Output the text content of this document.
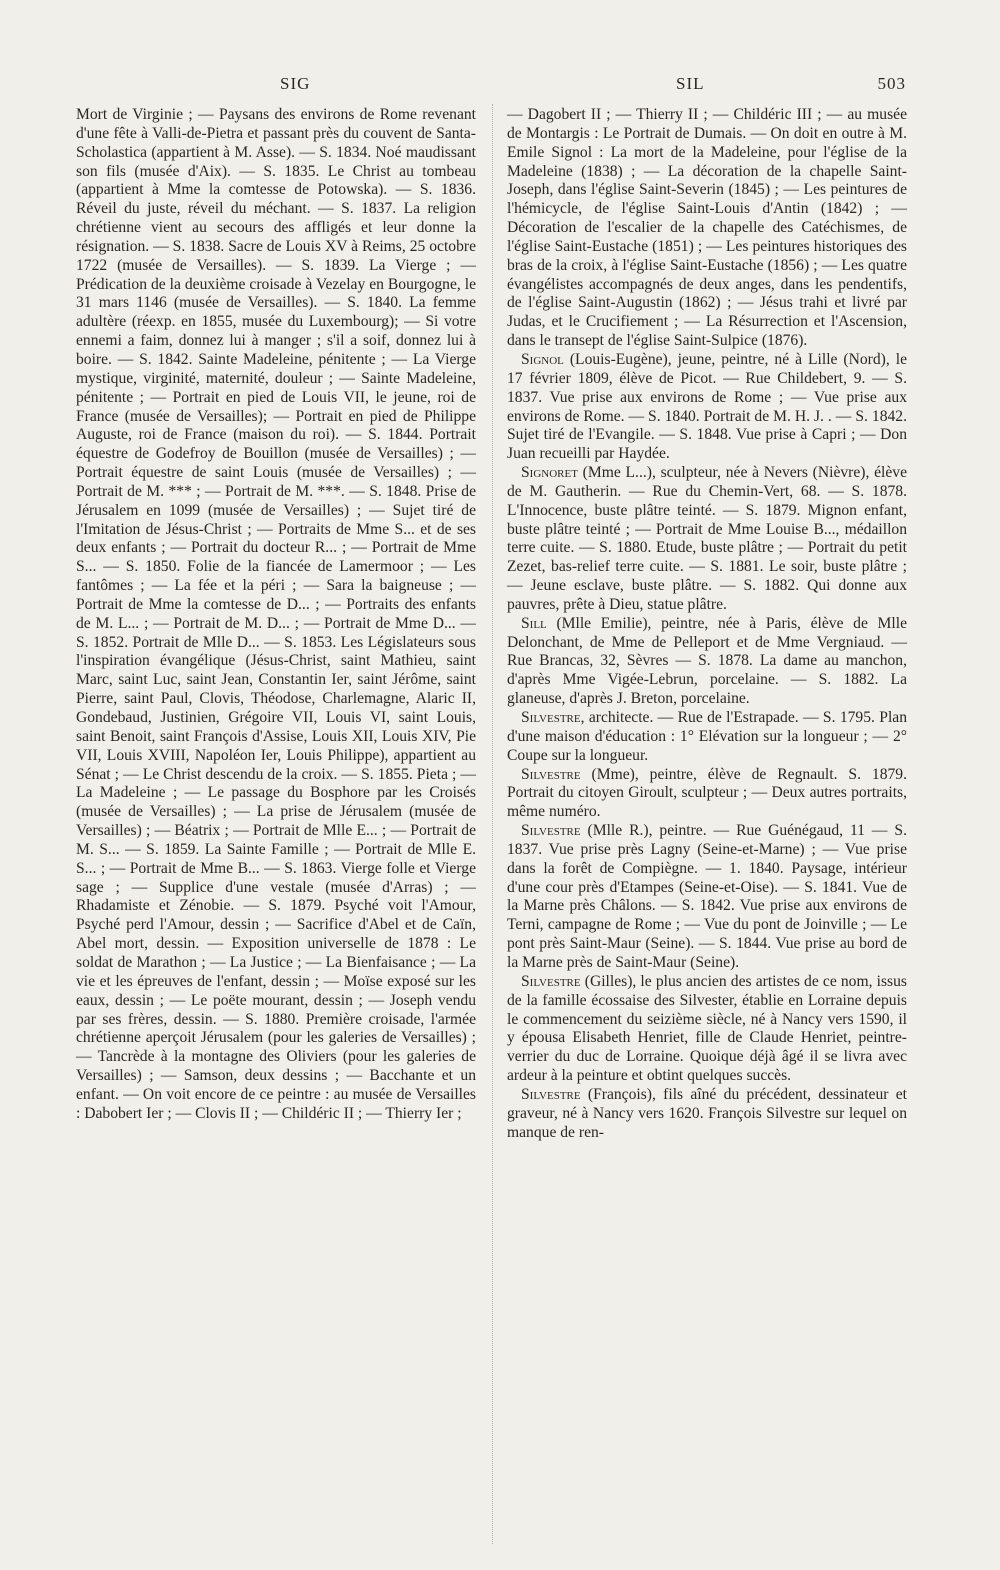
SIG	SIL	503

Mort de Virginie ; — Paysans des environs de Rome revenant d'une fête à Valli-de-Pietra et passant près du couvent de Santa-Scholastica (appartient à M. Asse). — S. 1834. Noé maudissant son fils (musée d'Aix). — S. 1835. Le Christ au tombeau (appartient à Mme la comtesse de Potowska). — S. 1836. Réveil du juste, réveil du méchant. — S. 1837. La religion chrétienne vient au secours des affligés et leur donne la résignation. — S. 1838. Sacre de Louis XV à Reims, 25 octobre 1722 (musée de Versailles). — S. 1839. La Vierge ; — Prédication de la deuxième croisade à Vezelay en Bourgogne, le 31 mars 1146 (musée de Versailles). — S. 1840. La femme adultère (réexp. en 1855, musée du Luxembourg); — Si votre ennemi a faim, donnez lui à manger ; s'il a soif, donnez lui à boire. — S. 1842. Sainte Madeleine, pénitente ; — La Vierge mystique, virginité, maternité, douleur ; — Sainte Madeleine, pénitente ; — Portrait en pied de Louis VII, le jeune, roi de France (musée de Versailles); — Portrait en pied de Philippe Auguste, roi de France (maison du roi). — S. 1844. Portrait équestre de Godefroy de Bouillon (musée de Versailles) ; — Portrait équestre de saint Louis (musée de Versailles) ; — Portrait de M. *** ; — Portrait de M. ***. — S. 1848. Prise de Jérusalem en 1099 (musée de Versailles) ; — Sujet tiré de l'Imitation de Jésus-Christ ; — Portraits de Mme S... et de ses deux enfants ; — Portrait du docteur R... ; — Portrait de Mme S... — S. 1850. Folie de la fiancée de Lamermoor ; — Les fantômes ; — La fée et la péri ; — Sara la baigneuse ; — Portrait de Mme la comtesse de D... ; — Portraits des enfants de M. L... ; — Portrait de M. D... ; — Portrait de Mme D... — S. 1852. Portrait de Mlle D... — S. 1853. Les Législateurs sous l'inspiration évangélique (Jésus-Christ, saint Mathieu, saint Marc, saint Luc, saint Jean, Constantin Ier, saint Jérôme, saint Pierre, saint Paul, Clovis, Théodose, Charlemagne, Alaric II, Gondebaud, Justinien, Grégoire VII, Louis VI, saint Louis, saint Benoit, saint François d'Assise, Louis XII, Louis XIV, Pie VII, Louis XVIII, Napoléon Ier, Louis Philippe), appartient au Sénat ; — Le Christ descendu de la croix. — S. 1855. Pieta ; — La Madeleine ; — Le passage du Bosphore par les Croisés (musée de Versailles) ; — La prise de Jérusalem (musée de Versailles) ; — Béatrix ; — Portrait de Mlle E... ; — Portrait de M. S... — S. 1859. La Sainte Famille ; — Portrait de Mlle E. S... ; — Portrait de Mme B... — S. 1863. Vierge folle et Vierge sage ; — Supplice d'une vestale (musée d'Arras) ; — Rhadamiste et Zénobie. — S. 1879. Psyché voit l'Amour, Psyché perd l'Amour, dessin ; — Sacrifice d'Abel et de Caïn, Abel mort, dessin. — Exposition universelle de 1878 : Le soldat de Marathon ; — La Justice ; — La Bienfaisance ; — La vie et les épreuves de l'enfant, dessin ; — Moïse exposé sur les eaux, dessin ; — Le poëte mourant, dessin ; — Joseph vendu par ses frères, dessin. — S. 1880. Première croisade, l'armée chrétienne aperçoit Jérusalem (pour les galeries de Versailles) ; — Tancrède à la montagne des Oliviers (pour les galeries de Versailles) ; — Samson, deux dessins ; — Bacchante et un enfant. — On voit encore de ce peintre : au musée de Versailles : Dabobert Ier ; — Clovis II ; — Childéric II ; — Thierry Ier ;

— Dagobert II ; — Thierry II ; — Childéric III ; — au musée de Montargis : Le Portrait de Dumais. — On doit en outre à M. Emile Signol : La mort de la Madeleine, pour l'église de la Madeleine (1838) ; — La décoration de la chapelle Saint-Joseph, dans l'église Saint-Severin (1845) ; — Les peintures de l'hémicycle, de l'église Saint-Louis d'Antin (1842) ; — Décoration de l'escalier de la chapelle des Catéchismes, de l'église Saint-Eustache (1851) ; — Les peintures historiques des bras de la croix, à l'église Saint-Eustache (1856) ; — Les quatre évangélistes accompagnés de deux anges, dans les pendentifs, de l'église Saint-Augustin (1862) ; — Jésus trahi et livré par Judas, et le Crucifiement ; — La Résurrection et l'Ascension, dans le transept de l'église Saint-Sulpice (1876).

Signol (Louis-Eugène), jeune, peintre, né à Lille (Nord), le 17 février 1809, élève de Picot. — Rue Childebert, 9. — S. 1837. Vue prise aux environs de Rome ; — Vue prise aux environs de Rome. — S. 1840. Portrait de M. H. J. . — S. 1842. Sujet tiré de l'Evangile. — S. 1848. Vue prise à Capri ; — Don Juan recueilli par Haydée.

Signoret (Mme L...), sculpteur, née à Nevers (Nièvre), élève de M. Gautherin. — Rue du Chemin-Vert, 68. — S. 1878. L'Innocence, buste plâtre teinté. — S. 1879. Mignon enfant, buste plâtre teinté ; — Portrait de Mme Louise B..., médaillon terre cuite. — S. 1880. Etude, buste plâtre ; — Portrait du petit Zezet, bas-relief terre cuite. — S. 1881. Le soir, buste plâtre ; — Jeune esclave, buste plâtre. — S. 1882. Qui donne aux pauvres, prête à Dieu, statue plâtre.

Sill (Mlle Emilie), peintre, née à Paris, élève de Mlle Delonchant, de Mme de Pelleport et de Mme Vergniaud. — Rue Brancas, 32, Sèvres — S. 1878. La dame au manchon, d'après Mme Vigée-Lebrun, porcelaine. — S. 1882. La glaneuse, d'après J. Breton, porcelaine.

Silvestre, architecte. — Rue de l'Estrapade. — S. 1795. Plan d'une maison d'éducation : 1° Elévation sur la longueur ; — 2° Coupe sur la longueur.

Silvestre (Mme), peintre, élève de Regnault. S. 1879. Portrait du citoyen Giroult, sculpteur ; — Deux autres portraits, même numéro.

Silvestre (Mlle R.), peintre. — Rue Guénégaud, 11 — S. 1837. Vue prise près Lagny (Seine-et-Marne) ; — Vue prise dans la forêt de Compiègne. — 1. 1840. Paysage, intérieur d'une cour près d'Etampes (Seine-et-Oise). — S. 1841. Vue de la Marne près Châlons. — S. 1842. Vue prise aux environs de Terni, campagne de Rome ; — Vue du pont de Joinville ; — Le pont près Saint-Maur (Seine). — S. 1844. Vue prise au bord de la Marne près de Saint-Maur (Seine).

Silvestre (Gilles), le plus ancien des artistes de ce nom, issus de la famille écossaise des Silvester, établie en Lorraine depuis le commencement du seizième siècle, né à Nancy vers 1590, il y épousa Elisabeth Henriet, fille de Claude Henriet, peintre-verrier du duc de Lorraine. Quoique déjà âgé il se livra avec ardeur à la peinture et obtint quelques succès.

Silvestre (François), fils aîné du précédent, dessinateur et graveur, né à Nancy vers 1620. François Silvestre sur lequel on manque de ren-
